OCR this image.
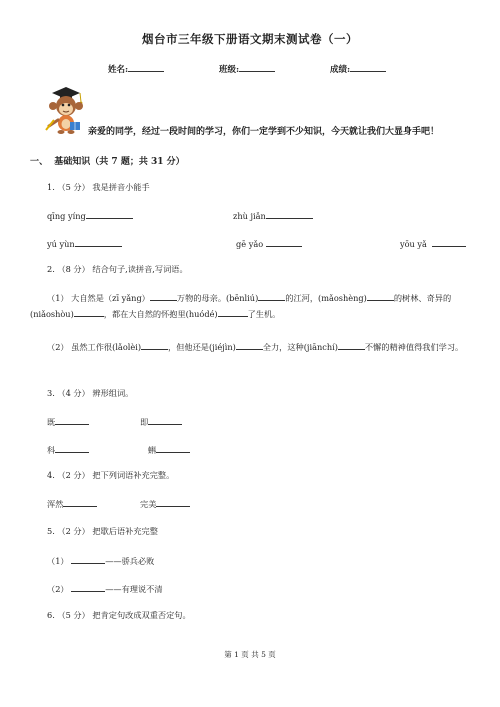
烟台市三年级下册语文期末测试卷（一）
姓名:	班级:	成绩:
亲爱的同学，经过一段时间的学习，你们一定学到不少知识，今天就让我们大显身手吧！
一、 基础知识（共 7 题；共 31 分）
1. （5 分） 我是拼音小能手
qīng yíng	zhù jiǎn
yú yùn	gē yǎo	yōu yǎ
2. （8 分） 结合句子,读拼音,写词语。
（1） 大自然是（zī yǎng）	万物的母亲。(bēnliú)	的江河，(mǎoshèng)	的树林、奇异的(niǎoshòu)	，都在大自然的怀抱里(huódé)	了生机。
（2） 虽然工作很(lǎolèi)	，但他还是(jiéjìn)	全力，这种(jiānchí)	不懈的精神值得我们学习。
3. （4 分） 辨形组词。
既	即
科	蝌
4. （2 分） 把下列词语补充完整。
浑然	完美
5. （2 分） 把歇后语补充完整
（1）	——骄兵必败
（2）	——有理说不清
6. （5 分） 把肯定句改成双重否定句。
第 1 页 共 5 页
